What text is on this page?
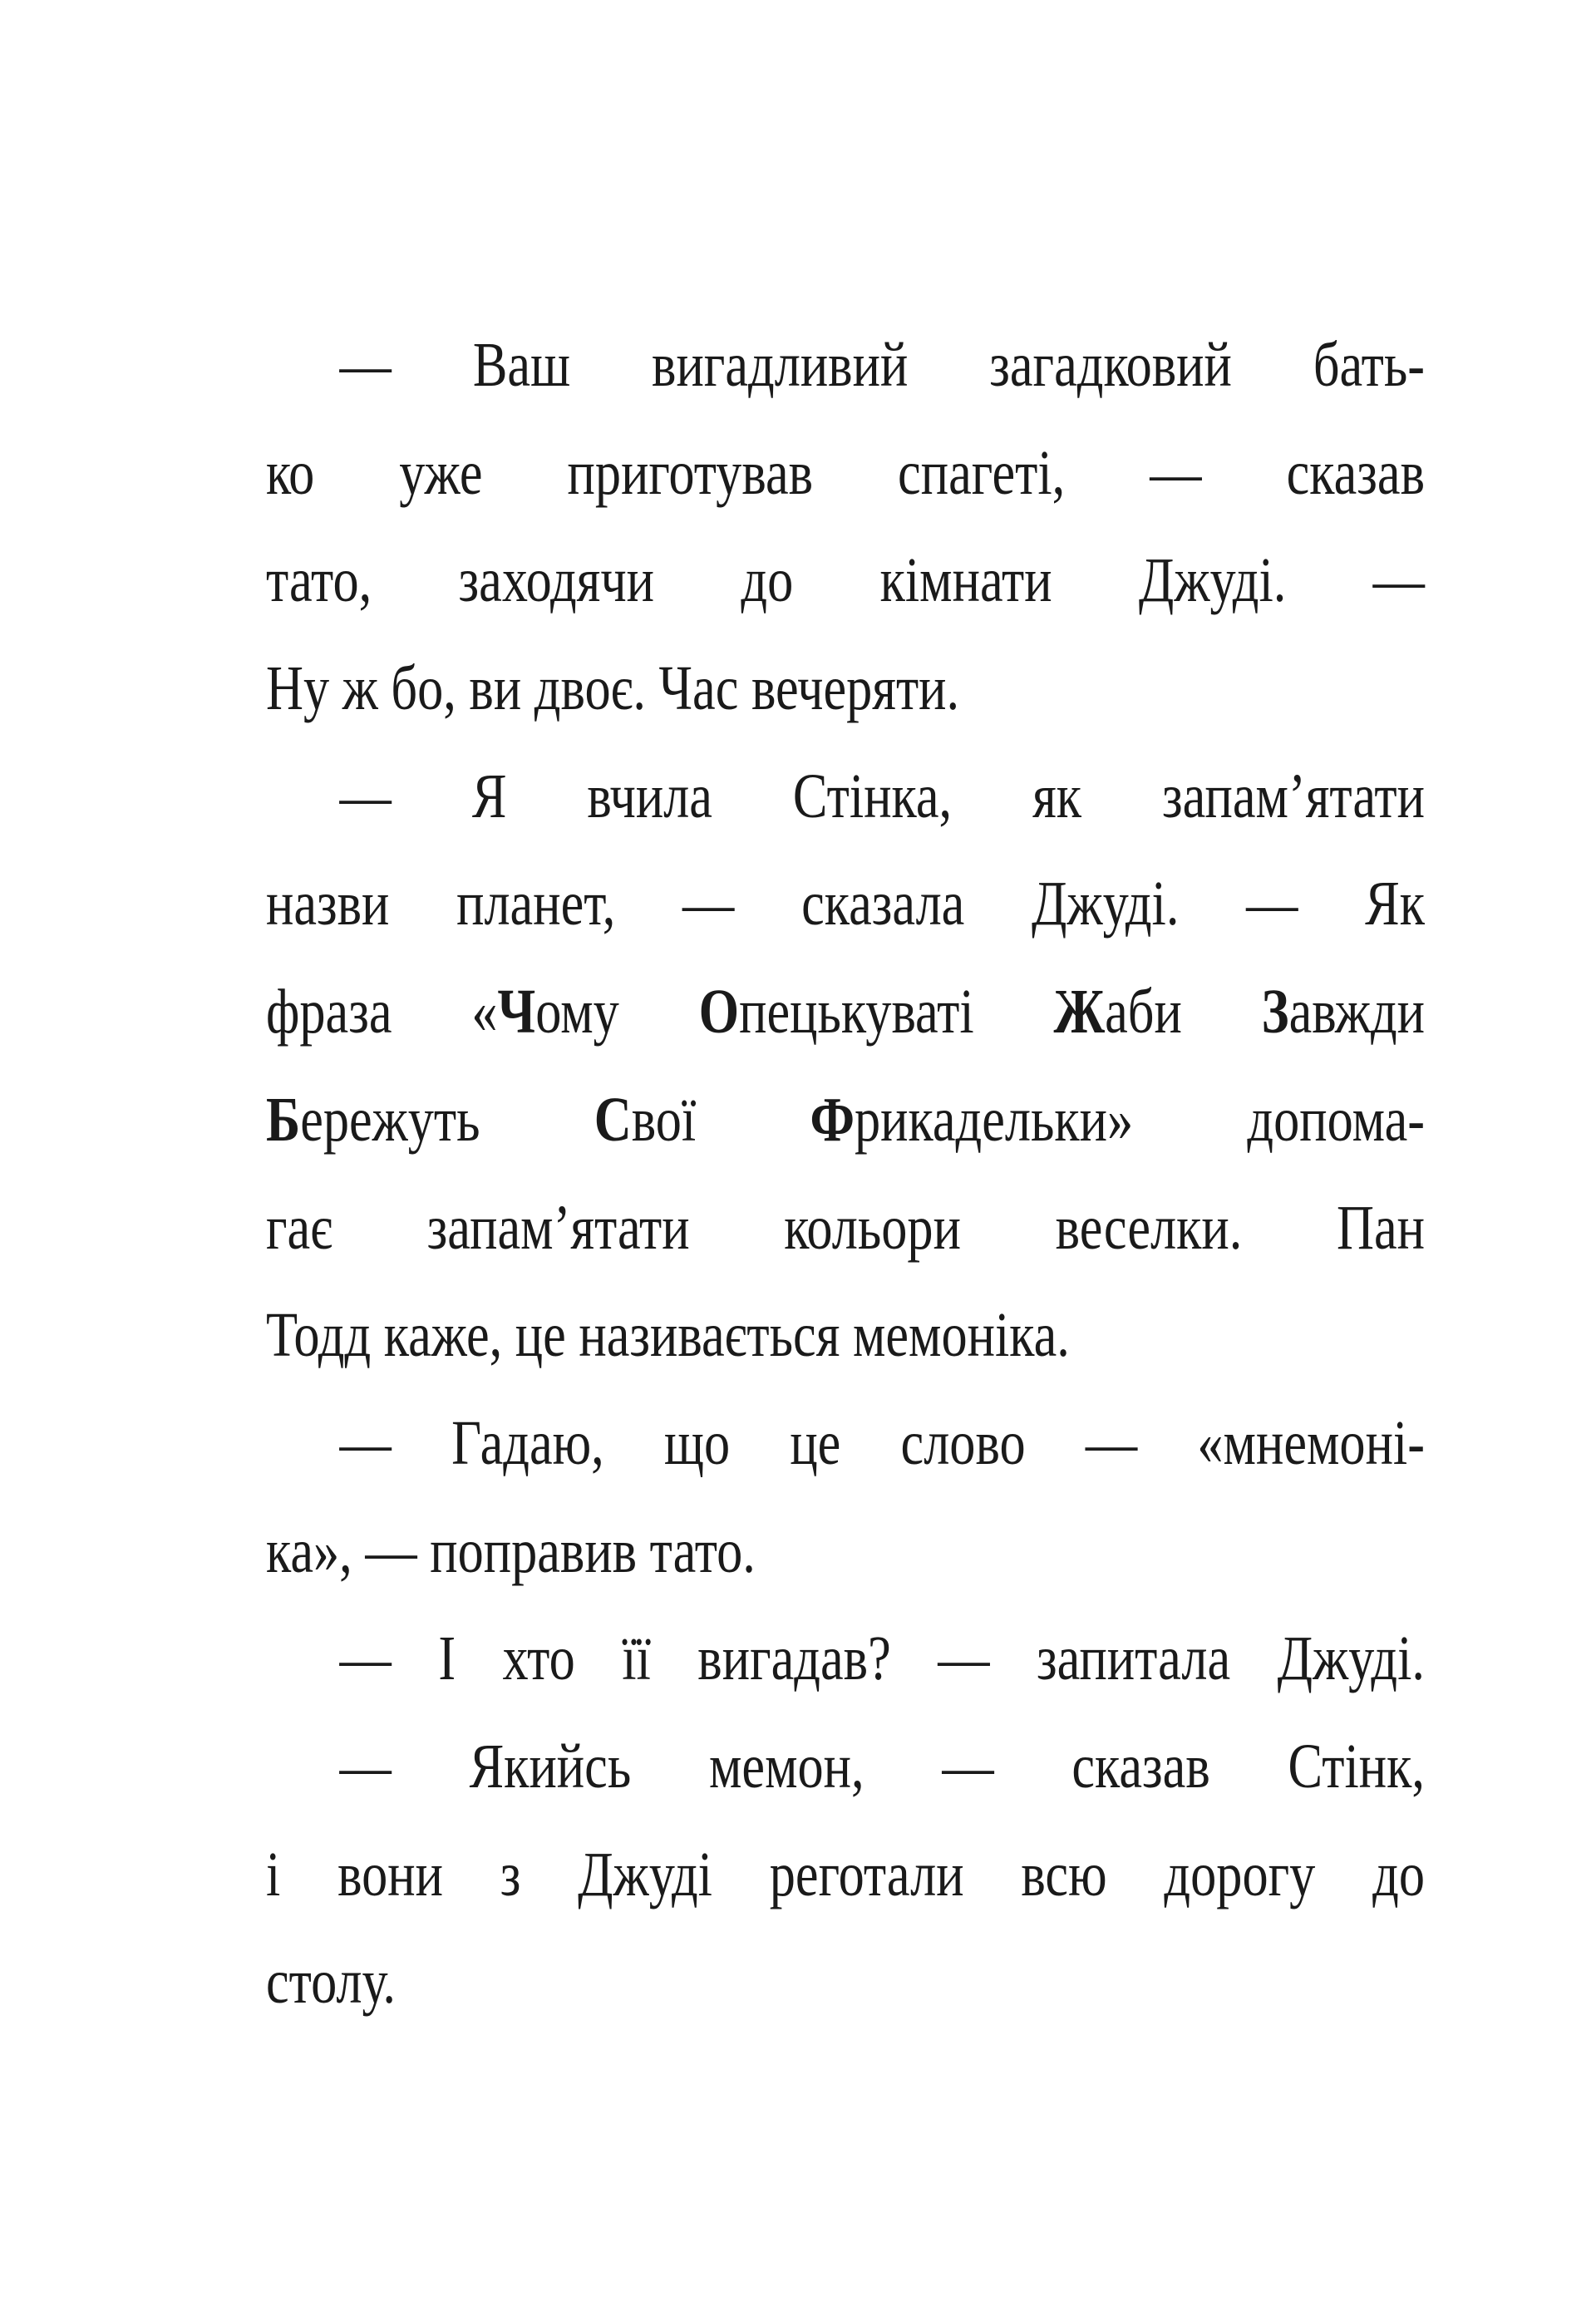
— Ваш вигадливий загадковий бать-
ко уже приготував спагеті, — сказав
тато, заходячи до кімнати Джуді. —
Ну ж бо, ви двоє. Час вечеряти.
— Я вчила Стінка, як запам’ятати
назви планет, — сказала Джуді. — Як
фраза «Чому Опецькуваті Жаби Завжди
Бережуть Свої Фрикадельки» допома-
гає запам’ятати кольори веселки. Пан
Тодд каже, це називається мемоніка.
— Гадаю, що це слово — «мнемоні-
ка», — поправив тато.
— І хто її вигадав? — запитала Джуді.
— Якийсь мемон, — сказав Стінк,
і вони з Джуді реготали всю дорогу до
столу.
